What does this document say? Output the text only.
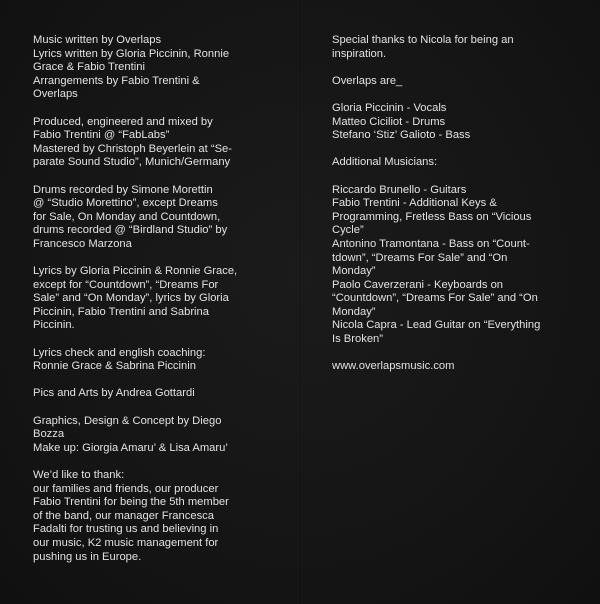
Music written by Overlaps
Lyrics written by Gloria Piccinin, Ronnie
Grace & Fabio Trentini
Arrangements by Fabio Trentini &
Overlaps
Produced, engineered and mixed by
Fabio Trentini @ “FabLabs”
Mastered by Christoph Beyerlein at “Se-
parate Sound Studio”, Munich/Germany
Drums recorded by Simone Morettin
@ “Studio Morettino”, except Dreams
for Sale, On Monday and Countdown,
drums recorded @ “Birdland Studio” by
Francesco Marzona
Lyrics by Gloria Piccinin & Ronnie Grace,
except for “Countdown”, “Dreams For
Sale” and “On Monday”, lyrics by Gloria
Piccinin, Fabio Trentini and Sabrina
Piccinin.
Lyrics check and english coaching:
Ronnie Grace & Sabrina Piccinin
Pics and Arts by Andrea Gottardi
Graphics, Design & Concept by Diego
Bozza
Make up: Giorgia Amaru’ & Lisa Amaru’
We’d like to thank:
our families and friends, our producer
Fabio Trentini for being the 5th member
of the band, our manager Francesca
Fadalti for trusting us and believing in
our music, K2 music management for
pushing us in Europe.
Special thanks to Nicola for being an
inspiration.
Overlaps are_
Gloria Piccinin - Vocals
Matteo Ciciliot - Drums
Stefano ‘Stiz’ Galioto - Bass
Additional Musicians:
Riccardo Brunello - Guitars
Fabio Trentini - Additional Keys &
Programming, Fretless Bass on “Vicious
Cycle”
Antonino Tramontana - Bass on “Count-
tdown”, “Dreams For Sale” and “On
Monday”
Paolo Caverzerani - Keyboards on
“Countdown”, “Dreams For Sale” and “On
Monday”
Nicola Capra - Lead Guitar on “Everything
Is Broken”
www.overlapsmusic.com
